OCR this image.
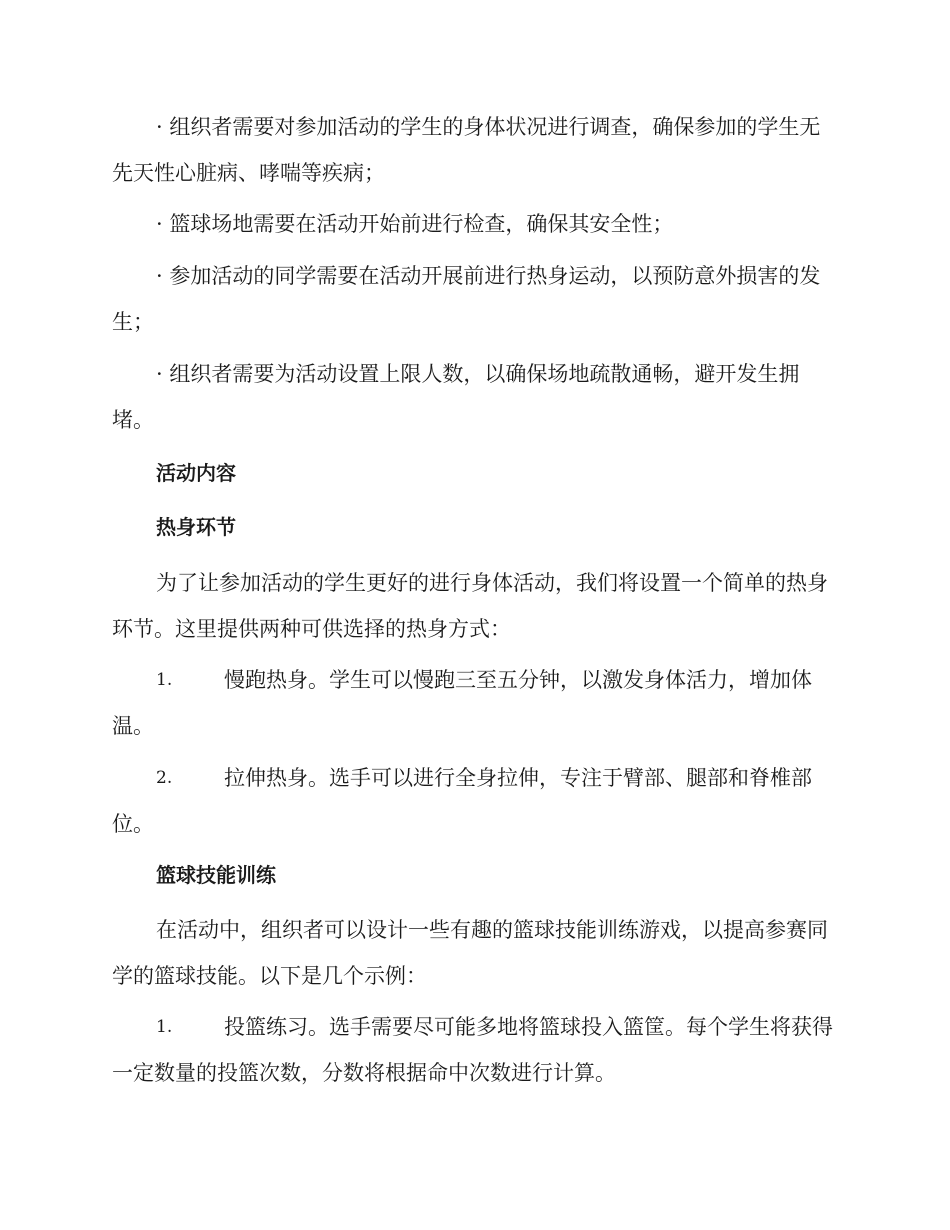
· 组织者需要对参加活动的学生的身体状况进行调查，确保参加的学生无先天性心脏病、哮喘等疾病；

· 篮球场地需要在活动开始前进行检查，确保其安全性；

· 参加活动的同学需要在活动开展前进行热身运动，以预防意外损害的发生；

· 组织者需要为活动设置上限人数，以确保场地疏散通畅，避开发生拥堵。

活动内容
热身环节

为了让参加活动的学生更好的进行身体活动，我们将设置一个简单的热身环节。这里提供两种可供选择的热身方式：

1.	慢跑热身。学生可以慢跑三至五分钟，以激发身体活力，增加体温。
2.	拉伸热身。选手可以进行全身拉伸，专注于臂部、腿部和脊椎部位。
篮球技能训练

在活动中，组织者可以设计一些有趣的篮球技能训练游戏，以提高参赛同学的篮球技能。以下是几个示例：

1.	投篮练习。选手需要尽可能多地将篮球投入篮筐。每个学生将获得一定数量的投篮次数，分数将根据命中次数进行计算。
